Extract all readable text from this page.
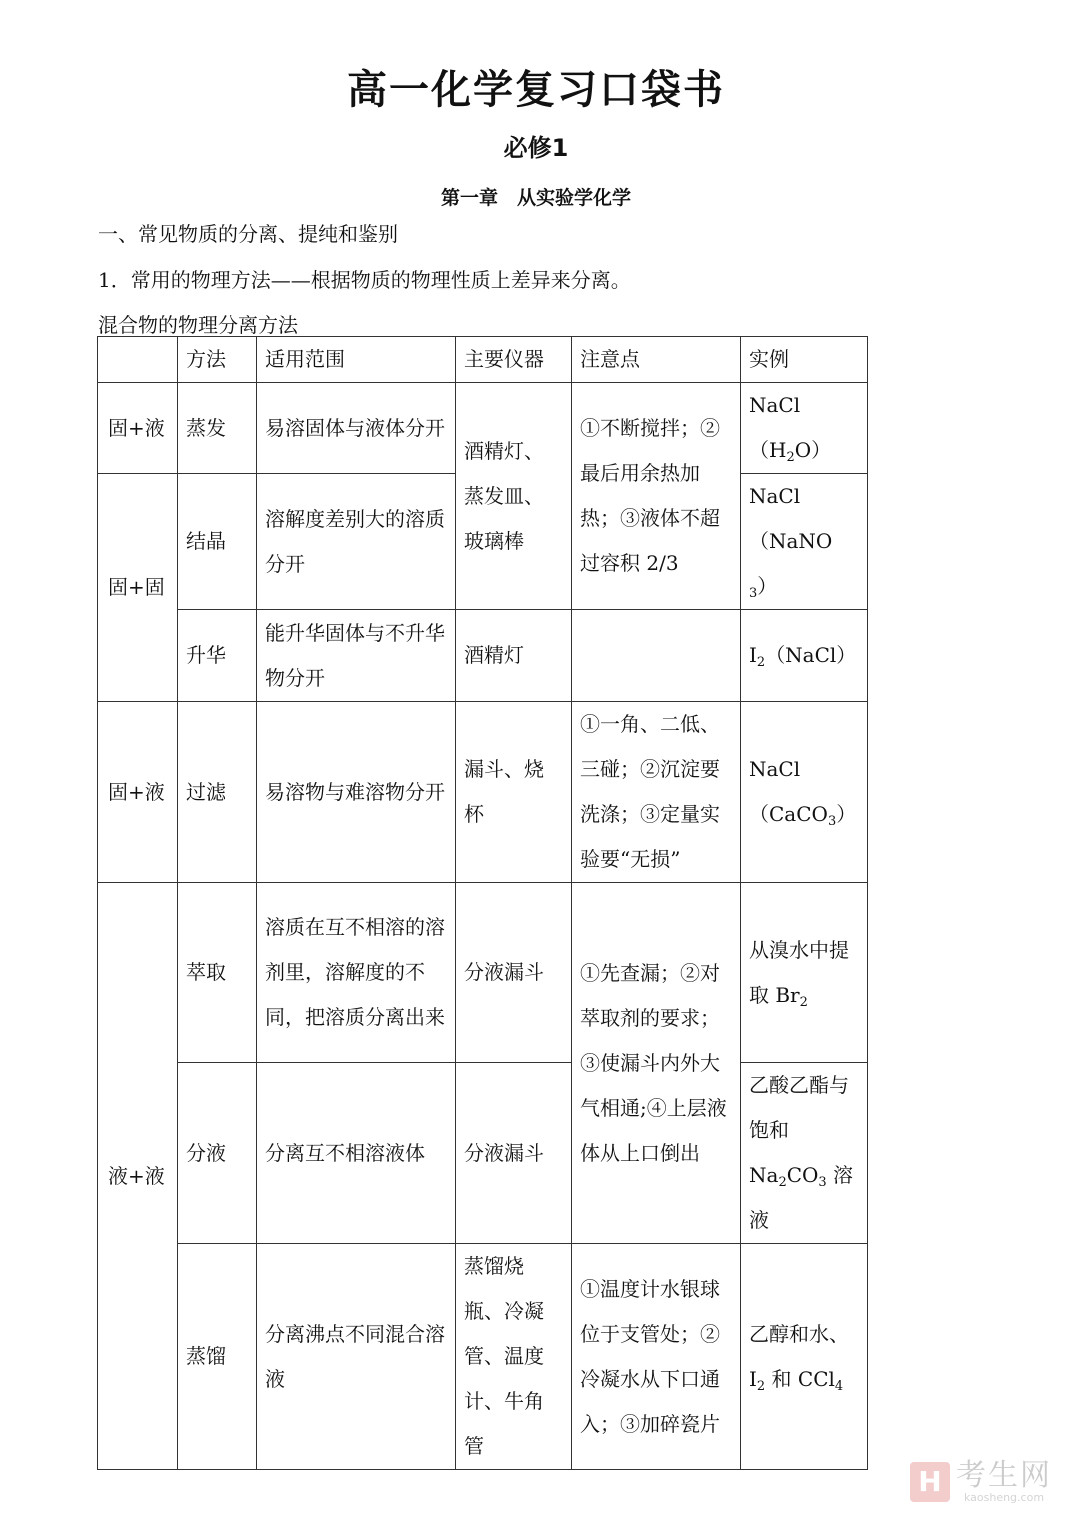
高一化学复习口袋书
必修1
第一章　从实验学化学
一、常见物质的分离、提纯和鉴别
1．常用的物理方法——根据物质的物理性质上差异来分离。
混合物的物理分离方法
	方法	适用范围	主要仪器	注意点	实例
固+液	蒸发	易溶固体与液体分开	酒精灯、蒸发皿、玻璃棒	①不断搅拌；②最后用余热加热；③液体不超过容积 2/3	NaCl
$(H_2O)$
固+固	结晶	溶解度差别大的溶质分开			NaCl
（NaNO$_3$）
	升华	能升华固体与不升华物分开	酒精灯		$I_2(NaCl)$
固+液	过滤	易溶物与难溶物分开	漏斗、烧杯	①一角、二低、三碰；②沉淀要洗涤；③定量实验要“无损”	NaCl
（CaCO$_3$）
液+液	萃取	溶质在互不相溶的溶剂里，溶解度的不同，把溶质分离出来	分液漏斗	①先查漏；②对萃取剂的要求；③使漏斗内外大气相通;④上层液体从上口倒出	从溴水中提取 $Br_2$
	分液	分离互不相溶液体	分液漏斗		乙酸乙酯与饱和
$Na_2CO_3$ 溶液
	蒸馏	分离沸点不同混合溶液	蒸馏烧瓶、冷凝管、温度计、牛角管	①温度计水银球位于支管处；②冷凝水从下口通入；③加碎瓷片	乙醇和水、
$I_2$ 和 CCl$_4$
H 考生网
kaosheng.com
